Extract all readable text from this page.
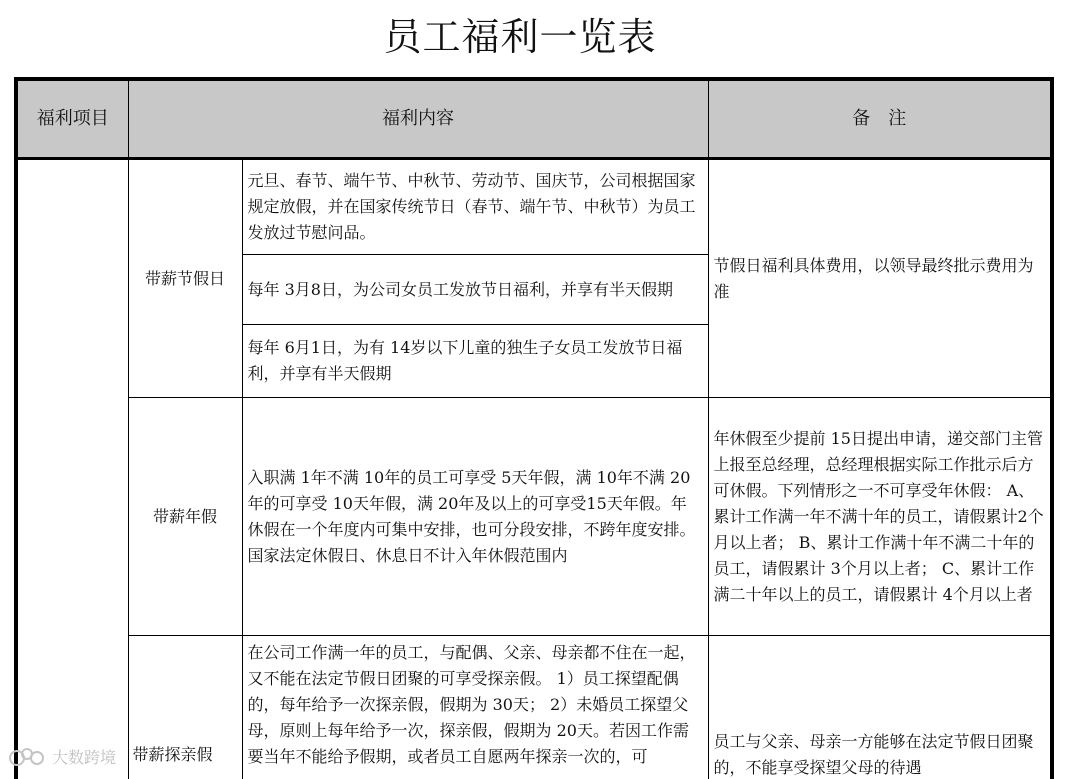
员工福利一览表
福利项目	福利内容		备　注
	带薪节假日	元旦、春节、端午节、中秋节、劳动节、国庆节，公司根据国家规定放假，并在国家传统节日（春节、端午节、中秋节）为员工发放过节慰问品。	节假日福利具体费用，以领导最终批示费用为准
		每年 3月8日，为公司女员工发放节日福利，并享有半天假期	
		每年 6月1日，为有 14岁以下儿童的独生子女员工发放节日福利，并享有半天假期	
	带薪年假	入职满 1年不满 10年的员工可享受 5天年假，满 10年不满 20年的可享受 10天年假，满 20年及以上的可享受15天年假。年休假在一个年度内可集中安排，也可分段安排，不跨年度安排。国家法定休假日、休息日不计入年休假范围内	年休假至少提前 15日提出申请，递交部门主管上报至总经理，总经理根据实际工作批示后方可休假。下列情形之一不可享受年休假： A、累计工作满一年不满十年的员工，请假累计2个月以上者； B、累计工作满十年不满二十年的员工，请假累计 3个月以上者； C、累计工作满二十年以上的员工，请假累计 4个月以上者
	带薪探亲假	在公司工作满一年的员工，与配偶、父亲、母亲都不住在一起，又不能在法定节假日团聚的可享受探亲假。 1）员工探望配偶的，每年给予一次探亲假，假期为 30天； 2）未婚员工探望父母，原则上每年给予一次，探亲假，假期为 20天。若因工作需要当年不能给予假期，或者员工自愿两年探亲一次的，可	员工与父亲、母亲一方能够在法定节假日团聚的，不能享受探望父母的待遇
大数跨境
